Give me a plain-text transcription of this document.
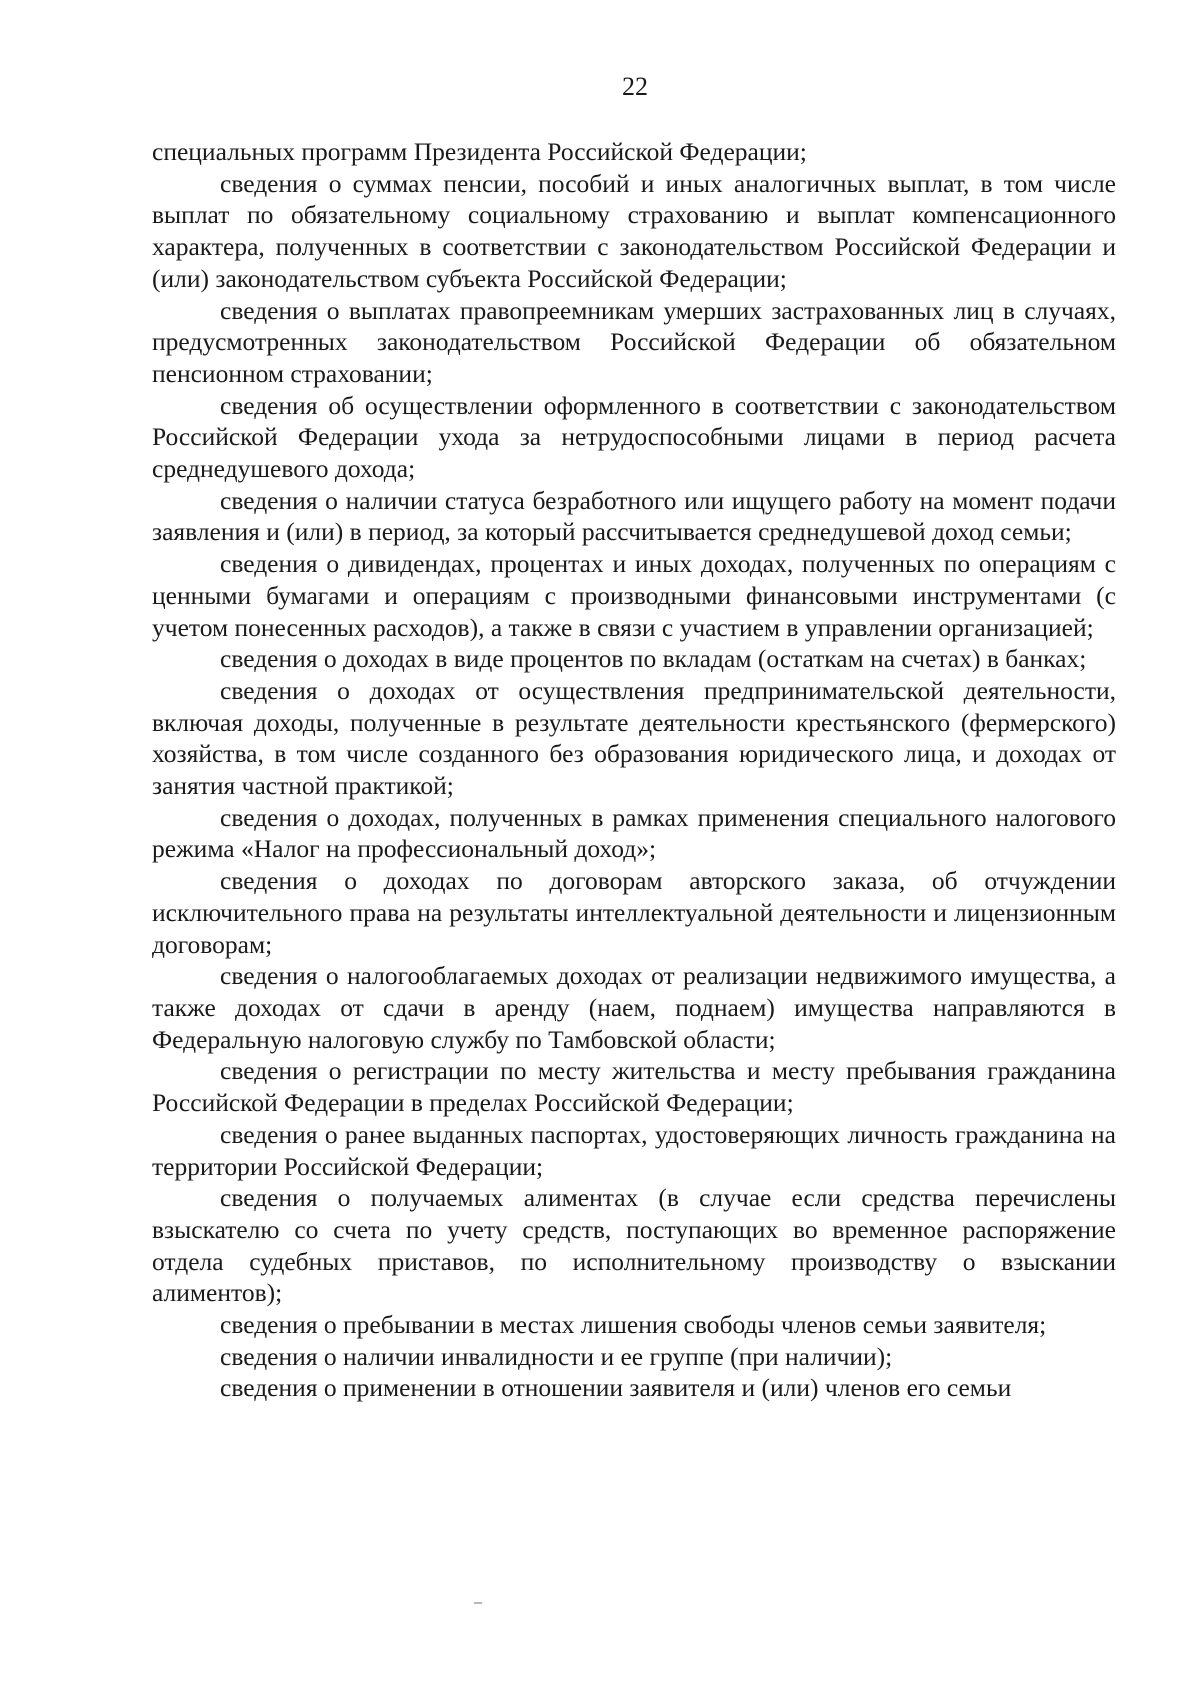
22

специальных программ Президента Российской Федерации;

сведения о суммах пенсии, пособий и иных аналогичных выплат, в том числе выплат по обязательному социальному страхованию и выплат компенсационного характера, полученных в соответствии с законодательством Российской Федерации и (или) законодательством субъекта Российской Федерации;

сведения о выплатах правопреемникам умерших застрахованных лиц в случаях, предусмотренных законодательством Российской Федерации об обязательном пенсионном страховании;

сведения об осуществлении оформленного в соответствии с законодательством Российской Федерации ухода за нетрудоспособными лицами в период расчета среднедушевого дохода;

сведения о наличии статуса безработного или ищущего работу на момент подачи заявления и (или) в период, за который рассчитывается среднедушевой доход семьи;

сведения о дивидендах, процентах и иных доходах, полученных по операциям с ценными бумагами и операциям с производными финансовыми инструментами (с учетом понесенных расходов), а также в связи с участием в управлении организацией;

сведения о доходах в виде процентов по вкладам (остаткам на счетах) в банках;

сведения о доходах от осуществления предпринимательской деятельности, включая доходы, полученные в результате деятельности крестьянского (фермерского) хозяйства, в том числе созданного без образования юридического лица, и доходах от занятия частной практикой;

сведения о доходах, полученных в рамках применения специального налогового режима «Налог на профессиональный доход»;

сведения о доходах по договорам авторского заказа, об отчуждении исключительного права на результаты интеллектуальной деятельности и лицензионным договорам;

сведения о налогооблагаемых доходах от реализации недвижимого имущества, а также доходах от сдачи в аренду (наем, поднаем) имущества направляются в Федеральную налоговую службу по Тамбовской области;

сведения о регистрации по месту жительства и месту пребывания гражданина Российской Федерации в пределах Российской Федерации;

сведения о ранее выданных паспортах, удостоверяющих личность гражданина на территории Российской Федерации;

сведения о получаемых алиментах (в случае если средства перечислены взыскателю со счета по учету средств, поступающих во временное распоряжение отдела судебных приставов, по исполнительному производству о взыскании алиментов);

сведения о пребывании в местах лишения свободы членов семьи заявителя;

сведения о наличии инвалидности и ее группе (при наличии);

сведения о применении в отношении заявителя и (или) членов его семьи
